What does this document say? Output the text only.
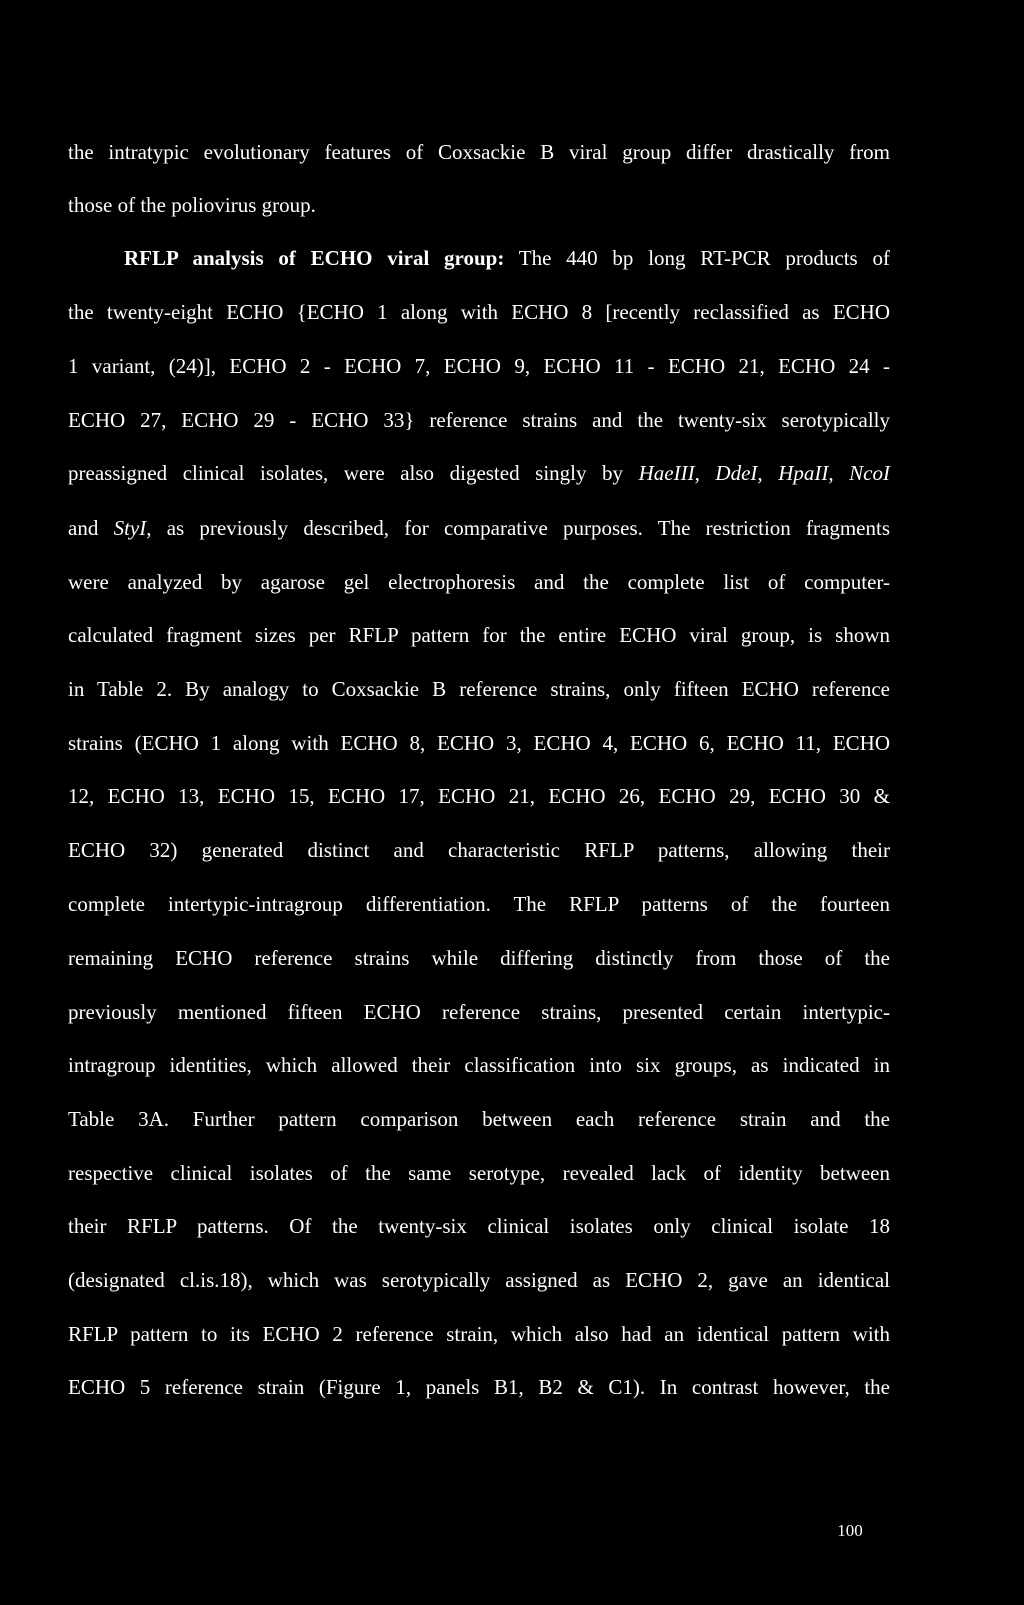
the intratypic evolutionary features of Coxsackie B viral group differ drastically from
those of the poliovirus group.
RFLP analysis of ECHO viral group: The 440 bp long RT-PCR products of
the twenty-eight ECHO {ECHO 1 along with ECHO 8 [recently reclassified as ECHO
1 variant, (24)], ECHO 2 - ECHO 7, ECHO 9, ECHO 11 - ECHO 21, ECHO 24 -
ECHO 27, ECHO 29 - ECHO 33} reference strains and the twenty-six serotypically
preassigned clinical isolates, were also digested singly by HaeIII, DdeI, HpaII, NcoI
and StyI, as previously described, for comparative purposes. The restriction fragments
were analyzed by agarose gel electrophoresis and the complete list of computer-
calculated fragment sizes per RFLP pattern for the entire ECHO viral group, is shown
in Table 2. By analogy to Coxsackie B reference strains, only fifteen ECHO reference
strains (ECHO 1 along with ECHO 8, ECHO 3, ECHO 4, ECHO 6, ECHO 11, ECHO
12, ECHO 13, ECHO 15, ECHO 17, ECHO 21, ECHO 26, ECHO 29, ECHO 30 &
ECHO 32) generated distinct and characteristic RFLP patterns, allowing their
complete intertypic-intragroup differentiation. The RFLP patterns of the fourteen
remaining ECHO reference strains while differing distinctly from those of the
previously mentioned fifteen ECHO reference strains, presented certain intertypic-
intragroup identities, which allowed their classification into six groups, as indicated in
Table 3A. Further pattern comparison between each reference strain and the
respective clinical isolates of the same serotype, revealed lack of identity between
their RFLP patterns. Of the twenty-six clinical isolates only clinical isolate 18
(designated cl.is.18), which was serotypically assigned as ECHO 2, gave an identical
RFLP pattern to its ECHO 2 reference strain, which also had an identical pattern with
ECHO 5 reference strain (Figure 1, panels B1, B2 & C1). In contrast however, the
100
